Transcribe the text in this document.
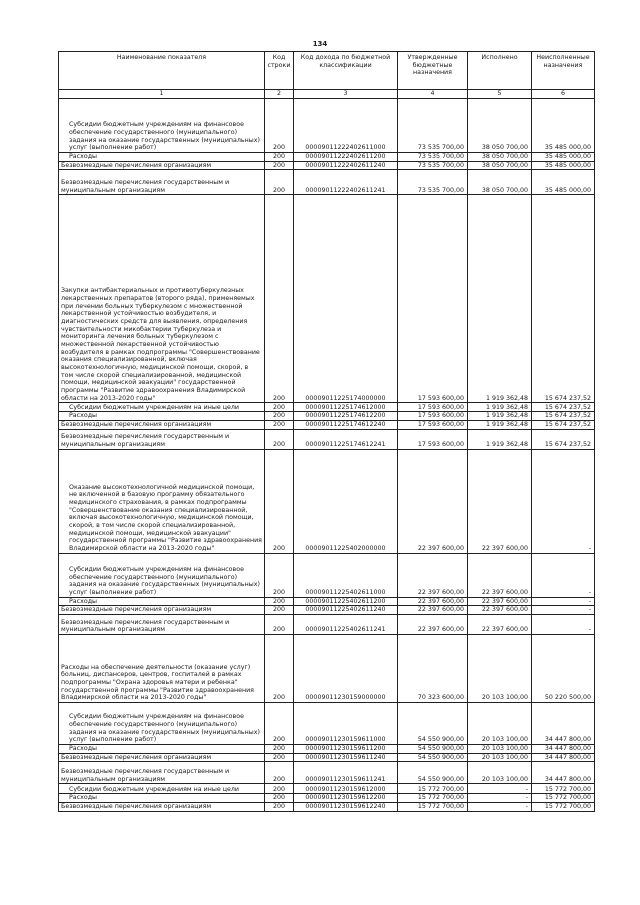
134
Наименование показателя	Код строки	Код дохода по бюджетной классификации	Утвержденные бюджетные назначения	Исполнено	Неисполненные назначения
1	2	3	4	5	6
Субсидии бюджетным учреждениям на финансовое обеспечение государственного (муниципального) задания на оказание государственных (муниципальных) услуг (выполнение работ)	200	00009011222402611000	73 535 700,00	38 050 700,00	35 485 000,00
Расходы	200	00009011222402611200	73 535 700,00	38 050 700,00	35 485 000,00
Безвозмездные перечисления организациям	200	00009011222402611240	73 535 700,00	38 050 700,00	35 485 000,00
Безвозмездные перечисления государственным и муниципальным организациям	200	00009011222402611241	73 535 700,00	38 050 700,00	35 485 000,00
Закупки антибактериальных и противотуберкулезных лекарственных препаратов (второго ряда), применяемых при лечении больных туберкулезом с множественной лекарственной устойчивостью возбудителя, и диагностических средств для выявления, определения чувствительности микобактерии туберкулеза и мониторинга лечения больных туберкулезом с множественной лекарственной устойчивостью возбудителя в рамках подпрограммы "Совершенствование оказания специализированной, включая высокотехнологичную, медицинской помощи, скорой, в том числе скорой специализированной, медицинской помощи, медицинской эвакуации" государственной программы "Развитие здравоохранения Владимирской области на 2013-2020 годы"	200	00009011225174000000	17 593 600,00	1 919 362,48	15 674 237,52
Субсидии бюджетным учреждениям на иные цели	200	00009011225174612000	17 593 600,00	1 919 362,48	15 674 237,52
Расходы	200	00009011225174612200	17 593 600,00	1 919 362,48	15 674 237,52
Безвозмездные перечисления организациям	200	00009011225174612240	17 593 600,00	1 919 362,48	15 674 237,52
Безвозмездные перечисления государственным и муниципальным организациям	200	00009011225174612241	17 593 600,00	1 919 362,48	15 674 237,52
Оказание высокотехнологичной медицинской помощи, не включенной в базовую программу обязательного медицинского страхования, в рамках подпрограммы "Совершенствование оказания специализированной, включая высокотехнологичную, медицинской помощи, скорой, в том числе скорой специализированной, медицинской помощи, медицинской эвакуации" государственной программы "Развитие здравоохранения Владимирской области на 2013-2020 годы"	200	00009011225402000000	22 397 600,00	22 397 600,00	-
Субсидии бюджетным учреждениям на финансовое обеспечение государственного (муниципального) задания на оказание государственных (муниципальных) услуг (выполнение работ)	200	00009011225402611000	22 397 600,00	22 397 600,00	-
Расходы	200	00009011225402611200	22 397 600,00	22 397 600,00	-
Безвозмездные перечисления организациям	200	00009011225402611240	22 397 600,00	22 397 600,00	-
Безвозмездные перечисления государственным и муниципальным организациям	200	00009011225402611241	22 397 600,00	22 397 600,00	-
Расходы на обеспечение деятельности (оказание услуг) больниц, диспансеров, центров, госпиталей в рамках подпрограммы "Охрана здоровья матери и ребенка" государственной программы "Развитие здравоохранения Владимирской области на 2013-2020 годы"	200	00009011230159000000	70 323 600,00	20 103 100,00	50 220 500,00
Субсидии бюджетным учреждениям на финансовое обеспечение государственного (муниципального) задания на оказание государственных (муниципальных) услуг (выполнение работ)	200	00009011230159611000	54 550 900,00	20 103 100,00	34 447 800,00
Расходы	200	00009011230159611200	54 550 900,00	20 103 100,00	34 447 800,00
Безвозмездные перечисления организациям	200	00009011230159611240	54 550 900,00	20 103 100,00	34 447 800,00
Безвозмездные перечисления государственным и муниципальным организациям	200	00009011230159611241	54 550 900,00	20 103 100,00	34 447 800,00
Субсидии бюджетным учреждениям на иные цели	200	00009011230159612000	15 772 700,00	-	15 772 700,00
Расходы	200	00009011230159612200	15 772 700,00	-	15 772 700,00
Безвозмездные перечисления организациям	200	00009011230159612240	15 772 700,00	-	15 772 700,00
